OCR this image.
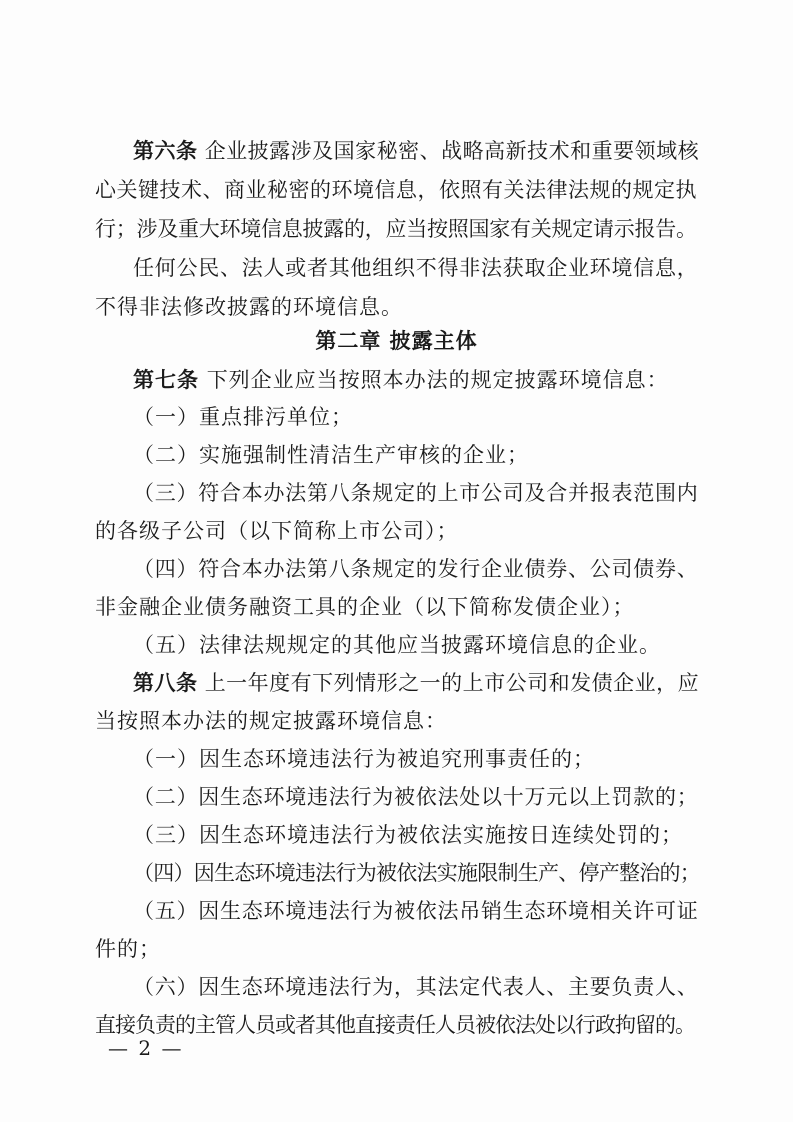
第六条 企业披露涉及国家秘密、战略高新技术和重要领域核
心关键技术、商业秘密的环境信息，依照有关法律法规的规定执
行；涉及重大环境信息披露的，应当按照国家有关规定请示报告。
任何公民、法人或者其他组织不得非法获取企业环境信息，
不得非法修改披露的环境信息。
第二章 披露主体
第七条 下列企业应当按照本办法的规定披露环境信息：
（一）重点排污单位；
（二）实施强制性清洁生产审核的企业；
（三）符合本办法第八条规定的上市公司及合并报表范围内
的各级子公司（以下简称上市公司）；
（四）符合本办法第八条规定的发行企业债券、公司债券、
非金融企业债务融资工具的企业（以下简称发债企业）；
（五）法律法规规定的其他应当披露环境信息的企业。
第八条 上一年度有下列情形之一的上市公司和发债企业，应
当按照本办法的规定披露环境信息：
（一）因生态环境违法行为被追究刑事责任的；
（二）因生态环境违法行为被依法处以十万元以上罚款的；
（三）因生态环境违法行为被依法实施按日连续处罚的；
（四）因生态环境违法行为被依法实施限制生产、停产整治的；
（五）因生态环境违法行为被依法吊销生态环境相关许可证
件的；
（六）因生态环境违法行为，其法定代表人、主要负责人、
直接负责的主管人员或者其他直接责任人员被依法处以行政拘留的。
— 2 —
